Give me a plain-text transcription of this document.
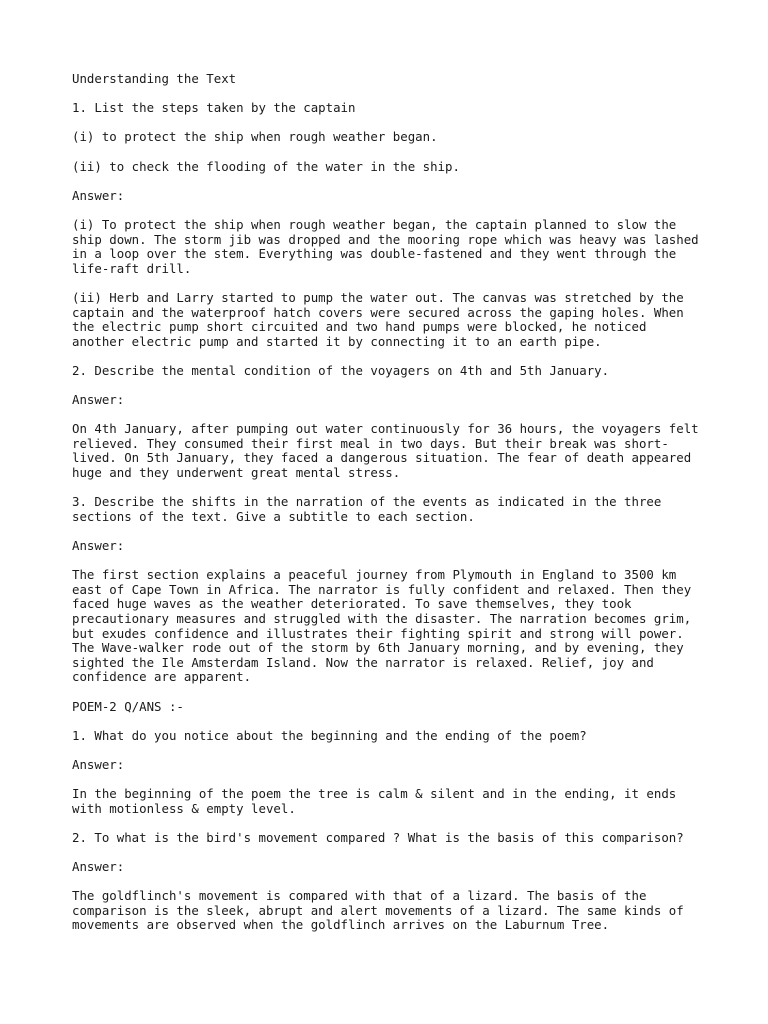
Understanding the Text

1. List the steps taken by the captain

(i) to protect the ship when rough weather began.

(ii) to check the flooding of the water in the ship.

Answer:

(i) To protect the ship when rough weather began, the captain planned to slow the ship down. The storm jib was dropped and the mooring rope which was heavy was lashed in a loop over the stem. Everything was double-fastened and they went through the life-raft drill.

(ii) Herb and Larry started to pump the water out. The canvas was stretched by the captain and the waterproof hatch covers were secured across the gaping holes. When the electric pump short circuited and two hand pumps were blocked, he noticed another electric pump and started it by connecting it to an earth pipe.

2. Describe the mental condition of the voyagers on 4th and 5th January.

Answer:

On 4th January, after pumping out water continuously for 36 hours, the voyagers felt relieved. They consumed their first meal in two days. But their break was short-lived. On 5th January, they faced a dangerous situation. The fear of death appeared huge and they underwent great mental stress.

3. Describe the shifts in the narration of the events as indicated in the three sections of the text. Give a subtitle to each section.

Answer:

The first section explains a peaceful journey from Plymouth in England to 3500 km east of Cape Town in Africa. The narrator is fully confident and relaxed. Then they faced huge waves as the weather deteriorated. To save themselves, they took precautionary measures and struggled with the disaster. The narration becomes grim, but exudes confidence and illustrates their fighting spirit and strong will power. The Wave-walker rode out of the storm by 6th January morning, and by evening, they sighted the Ile Amsterdam Island. Now the narrator is relaxed. Relief, joy and confidence are apparent.

POEM-2 Q/ANS :-

1. What do you notice about the beginning and the ending of the poem?

Answer:

In the beginning of the poem the tree is calm & silent and in the ending, it ends with motionless & empty level.

2. To what is the bird's movement compared ? What is the basis of this comparison?

Answer:

The goldflinch's movement is compared with that of a lizard. The basis of the comparison is the sleek, abrupt and alert movements of a lizard. The same kinds of movements are observed when the goldflinch arrives on the Laburnum Tree.
